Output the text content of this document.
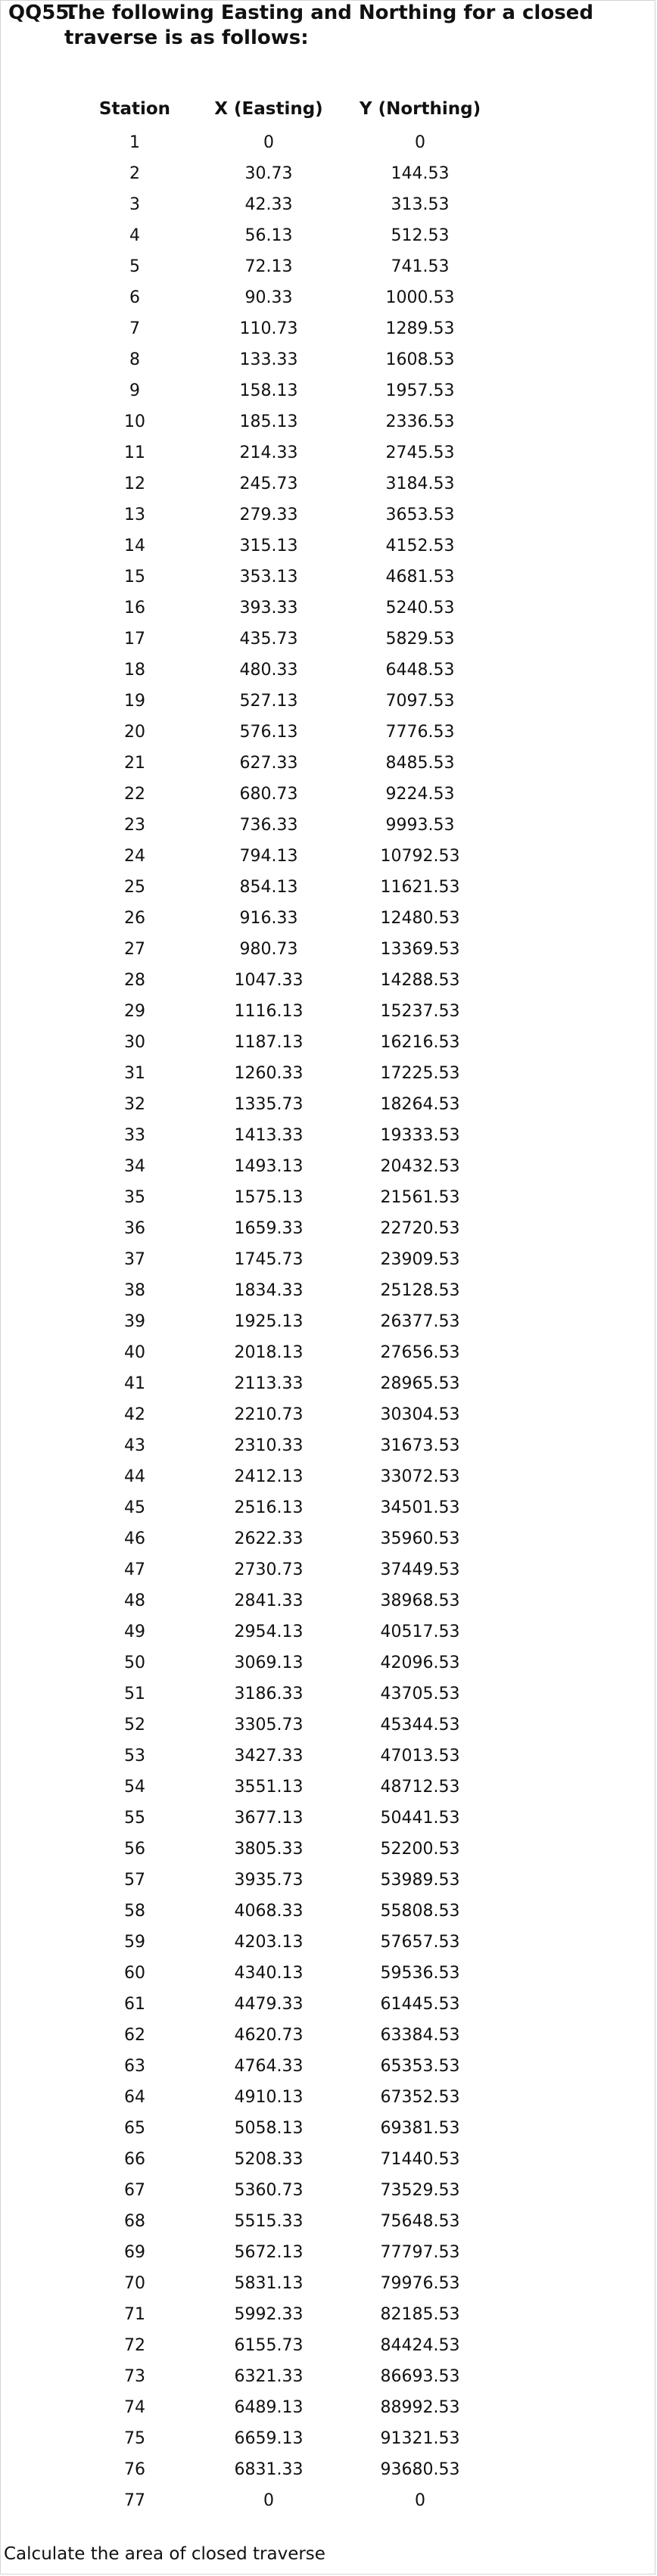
QQ55.The following Easting and Northing for a closed
traverse is as follows:
Station	X (Easting)	Y (Northing)
1	0	0
2	30.73	144.53
3	42.33	313.53
4	56.13	512.53
5	72.13	741.53
6	90.33	1000.53
7	110.73	1289.53
8	133.33	1608.53
9	158.13	1957.53
10	185.13	2336.53
11	214.33	2745.53
12	245.73	3184.53
13	279.33	3653.53
14	315.13	4152.53
15	353.13	4681.53
16	393.33	5240.53
17	435.73	5829.53
18	480.33	6448.53
19	527.13	7097.53
20	576.13	7776.53
21	627.33	8485.53
22	680.73	9224.53
23	736.33	9993.53
24	794.13	10792.53
25	854.13	11621.53
26	916.33	12480.53
27	980.73	13369.53
28	1047.33	14288.53
29	1116.13	15237.53
30	1187.13	16216.53
31	1260.33	17225.53
32	1335.73	18264.53
33	1413.33	19333.53
34	1493.13	20432.53
35	1575.13	21561.53
36	1659.33	22720.53
37	1745.73	23909.53
38	1834.33	25128.53
39	1925.13	26377.53
40	2018.13	27656.53
41	2113.33	28965.53
42	2210.73	30304.53
43	2310.33	31673.53
44	2412.13	33072.53
45	2516.13	34501.53
46	2622.33	35960.53
47	2730.73	37449.53
48	2841.33	38968.53
49	2954.13	40517.53
50	3069.13	42096.53
51	3186.33	43705.53
52	3305.73	45344.53
53	3427.33	47013.53
54	3551.13	48712.53
55	3677.13	50441.53
56	3805.33	52200.53
57	3935.73	53989.53
58	4068.33	55808.53
59	4203.13	57657.53
60	4340.13	59536.53
61	4479.33	61445.53
62	4620.73	63384.53
63	4764.33	65353.53
64	4910.13	67352.53
65	5058.13	69381.53
66	5208.33	71440.53
67	5360.73	73529.53
68	5515.33	75648.53
69	5672.13	77797.53
70	5831.13	79976.53
71	5992.33	82185.53
72	6155.73	84424.53
73	6321.33	86693.53
74	6489.13	88992.53
75	6659.13	91321.53
76	6831.33	93680.53
77	0	0
Calculate the area of closed traverse
